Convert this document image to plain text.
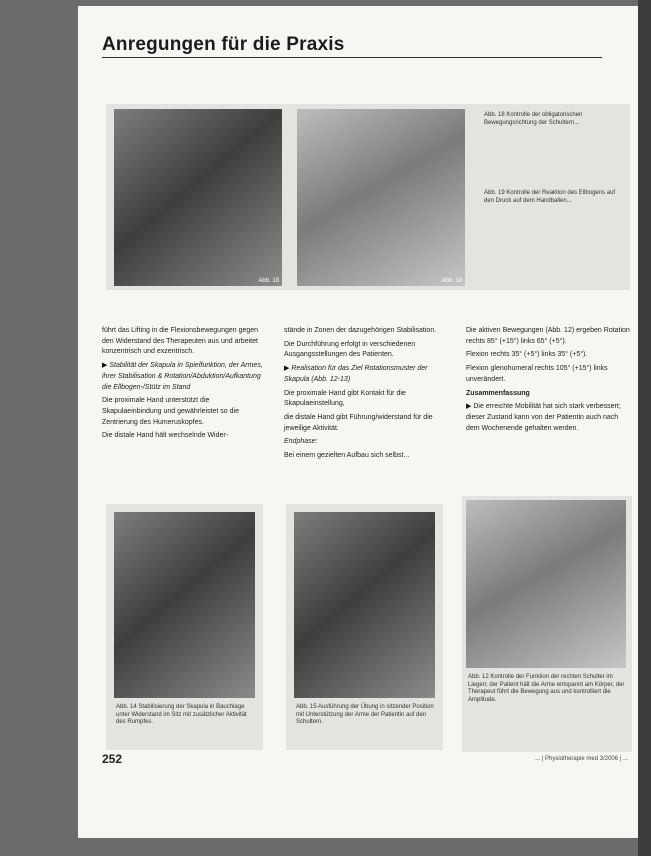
Anregungen für die Praxis
Abb. 18	Abb. 19
Abb. 18 Kontrolle der obligatorischen Bewegungsrichtung der Schultern...
Abb. 19 Kontrolle der Reaktion des Ellbogens auf den Druck auf dem Handballen...

führt das Lifting in die Flexionsbewegungen gegen den Widerstand des Therapeuten aus und arbeitet konzentrisch und exzentrisch.

▶ Stabilität der Skapula in Spielfunktion, der Armes, ihrer Stabilisation & Rotation/Abduktion/Aufkantung die Ellbogen-/Stütz im Stand

Die proximale Hand unterstützt die Skapulaeinbindung und gewährleistet so die Zentrierung des Humeruskopfes.

Die distale Hand hält wechselnde Wider-

stände in Zonen der dazugehörigen Stabilisation.

Die Durchführung erfolgt in verschiedenen Ausgangsstellungen des Patienten.

▶ Realisation für das Ziel Rotationsmuster der Skapula (Abb. 12-13)

Die proximale Hand gibt Kontakt für die Skapulaeinstellung,

die distale Hand gibt Führung/widerstand für die jeweilige Aktivität.

Endphase:

Bei einem gezielten Aufbau sich selbst...

Die aktiven Bewegungen (Abb. 12) ergeben Rotation rechts 85° (+15°) links 65° (+5°).

Flexion rechts 35° (+5°) links 35° (+5°).

Flexion glenohumeral rechts 105° (+15°) links unverändert.

Zusammenfassung

▶ Die erreichte Mobilität hat sich stark verbessert; dieser Zustand kann von der Patientin auch nach dem Wochenende gehalten werden.

Abb. 14 Stabilisierung der Skapula in Bauchlage unter Widerstand im Sitz mit zusätzlicher Aktivität des Rumpfes.
Abb. 15 Ausführung der Übung in sitzender Position mit Unterstützung der Arme der Patientin auf den Schultern.
Abb. 12 Kontrolle der Funktion der rechten Schulter im Liegen; der Patient hält die Arme entspannt am Körper, der Therapeut führt die Bewegung aus und kontrolliert die Amplitude.
252	... | Physiotherapie med 3/2006 | ...
